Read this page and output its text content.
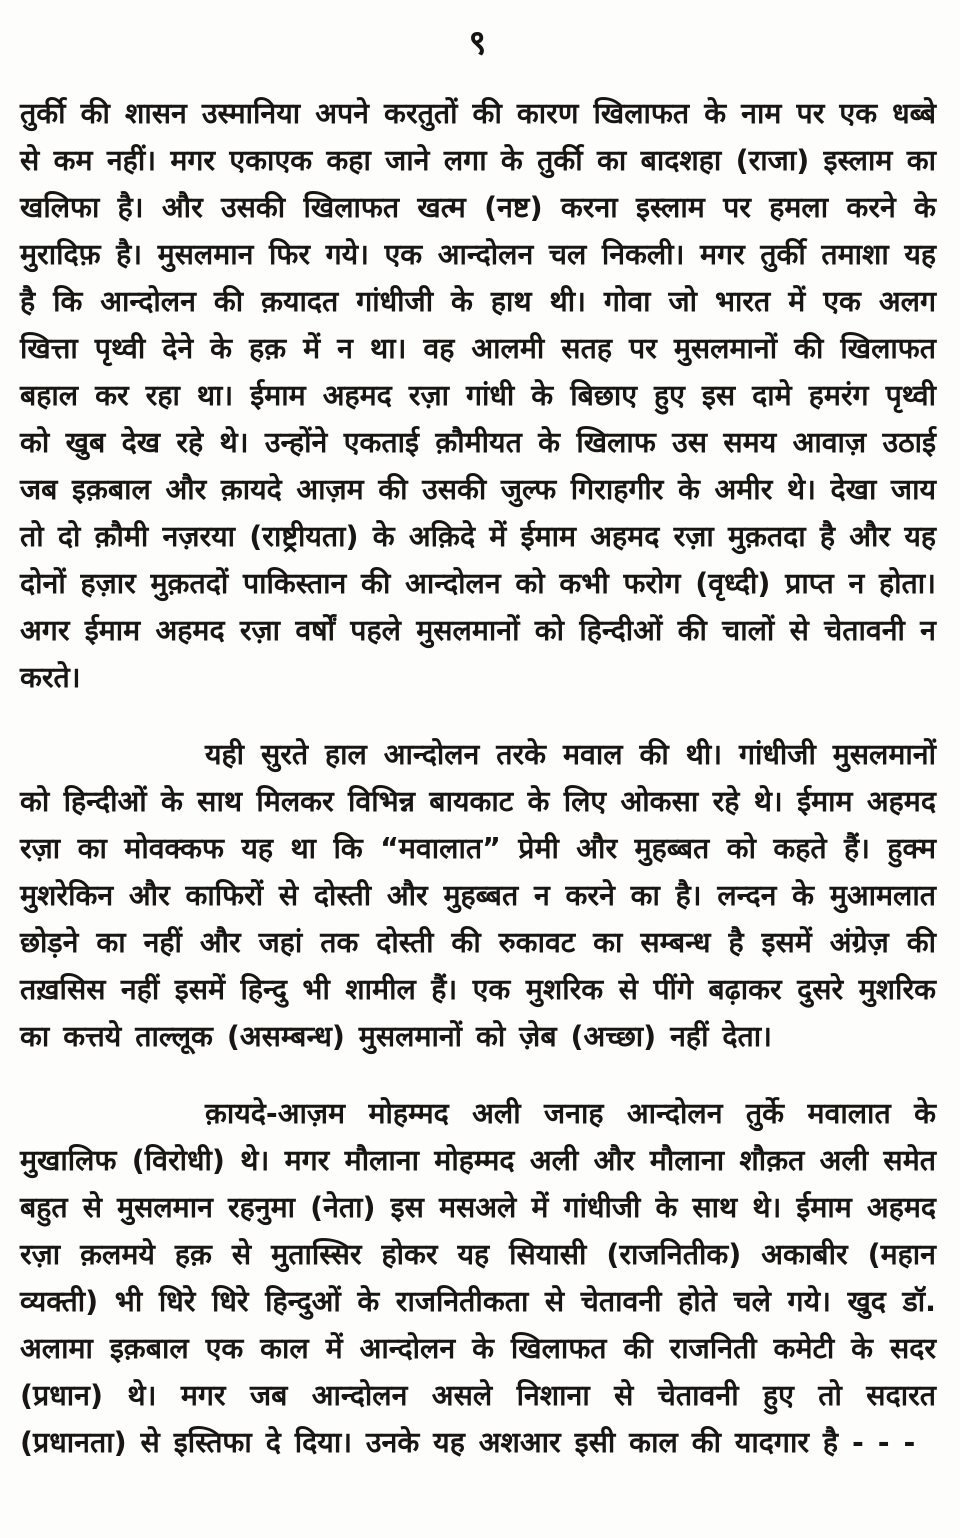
९

तुर्की की शासन उस्मानिया अपने करतुतों की कारण खिलाफत के नाम पर एक धब्बे से कम नहीं। मगर एकाएक कहा जाने लगा के तुर्की का बादशहा (राजा) इस्लाम का खलिफा है। और उसकी खिलाफत खत्म (नष्ट) करना इस्लाम पर हमला करने के मुरादिफ़ है। मुसलमान फिर गये। एक आन्दोलन चल निकली। मगर तुर्की तमाशा यह है कि आन्दोलन की क़यादत गांधीजी के हाथ थी। गोवा जो भारत में एक अलग खित्ता पृथ्वी देने के हक़ में न था। वह आलमी सतह पर मुसलमानों की खिलाफत बहाल कर रहा था। ईमाम अहमद रज़ा गांधी के बिछाए हुए इस दामे हमरंग पृथ्वी को खुब देख रहे थे। उन्होंने एकताई क़ौमीयत के खिलाफ उस समय आवाज़ उठाई जब इक़बाल और क़ायदे आज़म की उसकी जुल्फ गिराहगीर के अमीर थे। देखा जाय तो दो क़ौमी नज़रया (राष्ट्रीयता) के अक़िदे में ईमाम अहमद रज़ा मुक़तदा है और यह दोनों हज़ार मुक़तदों पाकिस्तान की आन्दोलन को कभी फरोग (वृध्दी) प्राप्त न होता। अगर ईमाम अहमद रज़ा वर्षों पहले मुसलमानों को हिन्दीओं की चालों से चेतावनी न करते।

यही सुरते हाल आन्दोलन तरके मवाल की थी। गांधीजी मुसलमानों को हिन्दीओं के साथ मिलकर विभिन्न बायकाट के लिए ओकसा रहे थे। ईमाम अहमद रज़ा का मोवक्कफ यह था कि “मवालात” प्रेमी और मुहब्बत को कहते हैं। हुक्म मुशरेकिन और काफिरों से दोस्ती और मुहब्बत न करने का है। लन्दन के मुआमलात छोड़ने का नहीं और जहां तक दोस्ती की रुकावट का सम्बन्ध है इसमें अंग्रेज़ की तख़सिस नहीं इसमें हिन्दु भी शामील हैं। एक मुशरिक से पींगे बढ़ाकर दुसरे मुशरिक का कत्तये ताल्लूक (असम्बन्ध) मुसलमानों को ज़ेब (अच्छा) नहीं देता।

क़ायदे-आज़म मोहम्मद अली जनाह आन्दोलन तुर्के मवालात के मुखालिफ (विरोधी) थे। मगर मौलाना मोहम्मद अली और मौलाना शौक़त अली समेत बहुत से मुसलमान रहनुमा (नेता) इस मसअले में गांधीजी के साथ थे। ईमाम अहमद रज़ा क़लमये हक़ से मुतास्सिर होकर यह सियासी (राजनितीक) अकाबीर (महान व्यक्ती) भी धिरे धिरे हिन्दुओं के राजनितीकता से चेतावनी होते चले गये। खुद डॉ. अलामा इक़बाल एक काल में आन्दोलन के खिलाफत की राजनिती कमेटी के सदर (प्रधान) थे। मगर जब आन्दोलन असले निशाना से चेतावनी हुए तो सदारत (प्रधानता) से इस्तिफा दे दिया। उनके यह अशआर इसी काल की यादगार है - - -
